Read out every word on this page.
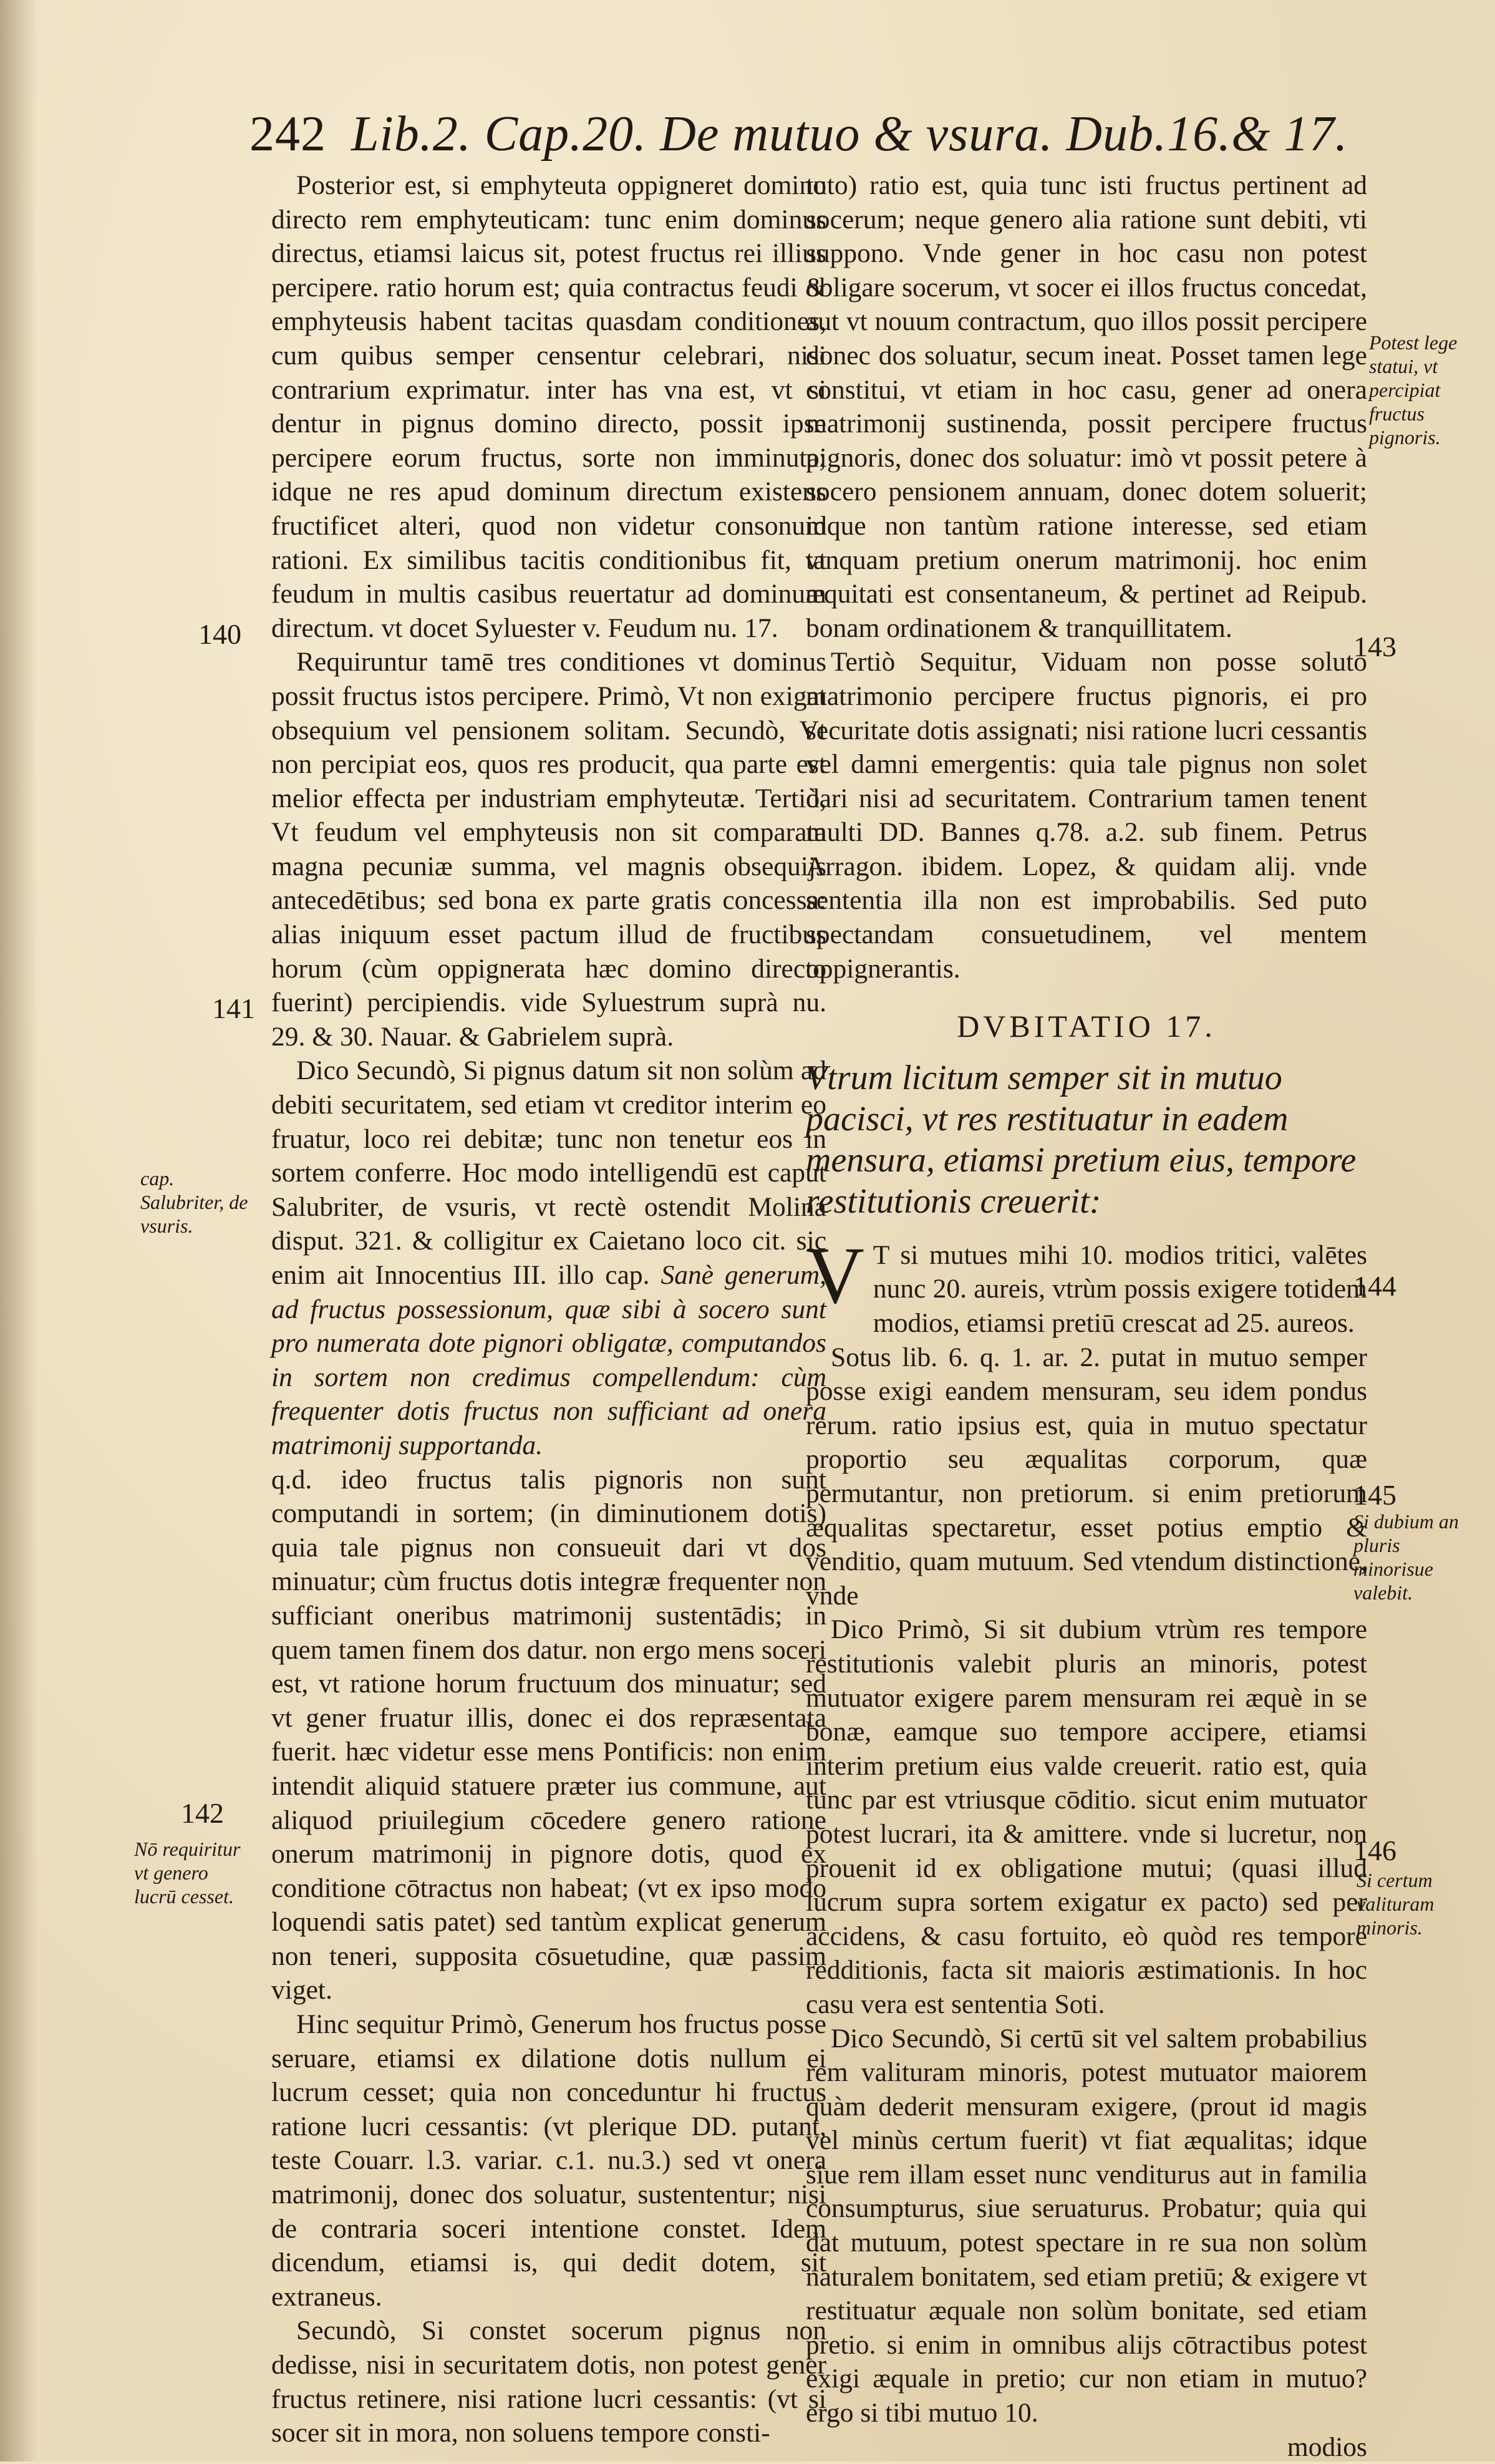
242 Lib.2. Cap.20. De mutuo & vsura. Dub.16.& 17.

Posterior est, si emphyteuta oppigneret domino directo rem emphyteuticam: tunc enim dominus directus, etiamsi laicus sit, potest fructus rei illius percipere. ratio horum est; quia contractus feudi & emphyteusis habent tacitas quasdam conditiones, cum quibus semper censentur celebrari, nisi contrarium exprimatur. inter has vna est, vt si dentur in pignus domino directo, possit ipse percipere eorum fructus, sorte non imminuta; idque ne res apud dominum directum existens fructificet alteri, quod non videtur consonum rationi. Ex similibus tacitis conditionibus fit, vt feudum in multis casibus reuertatur ad dominum directum. vt docet Syluester v. Feudum nu. 17.

Requiruntur tamē tres conditiones vt dominus possit fructus istos percipere. Primò, Vt non exigat obsequium vel pensionem solitam. Secundò, Vt non percipiat eos, quos res producit, qua parte est melior effecta per industriam emphyteutæ. Tertiò, Vt feudum vel emphyteusis non sit comparata magna pecuniæ summa, vel magnis obsequijs antecedētibus; sed bona ex parte gratis concessa: alias iniquum esset pactum illud de fructibus horum (cùm oppignerata hæc domino directo fuerint) percipiendis. vide Syluestrum suprà nu. 29. & 30. Nauar. & Gabrielem suprà.

Dico Secundò, Si pignus datum sit non solùm ad debiti securitatem, sed etiam vt creditor interim eo fruatur, loco rei debitæ; tunc non tenetur eos in sortem conferre. Hoc modo intelligendū est caput Salubriter, de vsuris, vt rectè ostendit Molina disput. 321. & colligitur ex Caietano loco cit. sic enim ait Innocentius III. illo cap. Sanè generum, ad fructus possessionum, quæ sibi à socero sunt pro numerata dote pignori obligatæ, computandos in sortem non credimus compellendum: cùm frequenter dotis fructus non sufficiant ad onera matrimonij supportanda.

q.d. ideo fructus talis pignoris non sunt computandi in sortem; (in diminutionem dotis) quia tale pignus non consueuit dari vt dos minuatur; cùm fructus dotis integræ frequenter non sufficiant oneribus matrimonij sustentādis; in quem tamen finem dos datur. non ergo mens soceri est, vt ratione horum fructuum dos minuatur; sed vt gener fruatur illis, donec ei dos repræsentata fuerit. hæc videtur esse mens Pontificis: non enim intendit aliquid statuere præter ius commune, aut aliquod priuilegium cōcedere genero ratione onerum matrimonij in pignore dotis, quod ex conditione cōtractus non habeat; (vt ex ipso modo loquendi satis patet) sed tantùm explicat generum non teneri, supposita cōsuetudine, quæ passim viget.

Hinc sequitur Primò, Generum hos fructus posse seruare, etiamsi ex dilatione dotis nullum ei lucrum cesset; quia non conceduntur hi fructus ratione lucri cessantis: (vt plerique DD. putant, teste Couarr. l.3. variar. c.1. nu.3.) sed vt onera matrimonij, donec dos soluatur, sustententur; nisi de contraria soceri intentione constet. Idem dicendum, etiamsi is, qui dedit dotem, sit extraneus.

Secundò, Si constet socerum pignus non dedisse, nisi in securitatem dotis, non potest gener fructus retinere, nisi ratione lucri cessantis: (vt si socer sit in mora, non soluens tempore consti-

tuto) ratio est, quia tunc isti fructus pertinent ad socerum; neque genero alia ratione sunt debiti, vti suppono. Vnde gener in hoc casu non potest obligare socerum, vt socer ei illos fructus concedat, aut vt nouum contractum, quo illos possit percipere donec dos soluatur, secum ineat. Posset tamen lege constitui, vt etiam in hoc casu, gener ad onera matrimonij sustinenda, possit percipere fructus pignoris, donec dos soluatur: imò vt possit petere à socero pensionem annuam, donec dotem soluerit; idque non tantùm ratione interesse, sed etiam tanquam pretium onerum matrimonij. hoc enim æquitati est consentaneum, & pertinet ad Reipub. bonam ordinationem & tranquillitatem.

Tertiò Sequitur, Viduam non posse soluto matrimonio percipere fructus pignoris, ei pro securitate dotis assignati; nisi ratione lucri cessantis vel damni emergentis: quia tale pignus non solet dari nisi ad securitatem. Contrarium tamen tenent multi DD. Bannes q.78. a.2. sub finem. Petrus Arragon. ibidem. Lopez, & quidam alij. vnde sententia illa non est improbabilis. Sed puto spectandam consuetudinem, vel mentem oppignerantis.

DVBITATIO 17.
Vtrum licitum semper sit in mutuo pacisci, vt res restituatur in eadem mensura, etiamsi pretium eius, tempore restitutionis creuerit:

V T si mutues mihi 10. modios tritici, valētes nunc 20. aureis, vtrùm possis exigere totidem modios, etiamsi pretiū crescat ad 25. aureos.

Sotus lib. 6. q. 1. ar. 2. putat in mutuo semper posse exigi eandem mensuram, seu idem pondus rerum. ratio ipsius est, quia in mutuo spectatur proportio seu æqualitas corporum, quæ permutantur, non pretiorum. si enim pretiorum æqualitas spectaretur, esset potius emptio & venditio, quam mutuum. Sed vtendum distinctione, vnde

Dico Primò, Si sit dubium vtrùm res tempore restitutionis valebit pluris an minoris, potest mutuator exigere parem mensuram rei æquè in se bonæ, eamque suo tempore accipere, etiamsi interim pretium eius valde creuerit. ratio est, quia tunc par est vtriusque cōditio. sicut enim mutuator potest lucrari, ita & amittere. vnde si lucretur, non prouenit id ex obligatione mutui; (quasi illud lucrum supra sortem exigatur ex pacto) sed per accidens, & casu fortuito, eò quòd res tempore redditionis, facta sit maioris æstimationis. In hoc casu vera est sententia Soti.

Dico Secundò, Si certū sit vel saltem probabilius rem valituram minoris, potest mutuator maiorem quàm dederit mensuram exigere, (prout id magis vel minùs certum fuerit) vt fiat æqualitas; idque siue rem illam esset nunc venditurus aut in familia consumpturus, siue seruaturus. Probatur; quia qui dat mutuum, potest spectare in re sua non solùm naturalem bonitatem, sed etiam pretiū; & exigere vt restituatur æquale non solùm bonitate, sed etiam pretio. si enim in omnibus alijs cōtractibus potest exigi æquale in pretio; cur non etiam in mutuo? ergo si tibi mutuo 10.

modios

140
141
142
143
144
145
146
cap. Salubriter, de vsuris.
Nō requiritur vt genero lucrū cesset.
Potest lege statui, vt percipiat fructus pignoris.
Si dubium an pluris minorisue valebit.
Si certum valituram minoris.
